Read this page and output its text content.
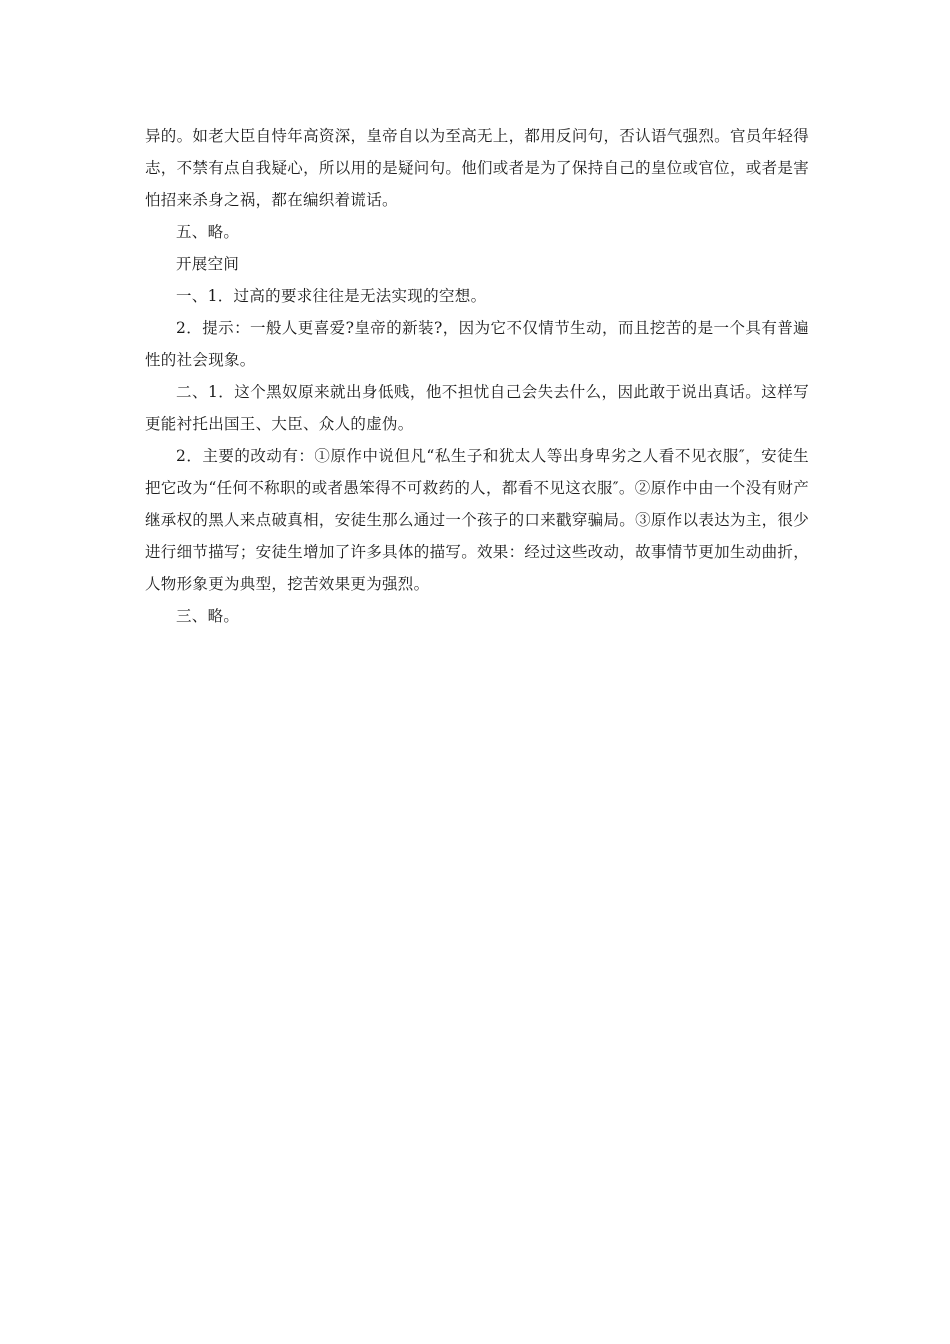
异的。如老大臣自恃年高资深，皇帝自以为至高无上，都用反问句，否认语气强烈。官员年轻得志，不禁有点自我疑心，所以用的是疑问句。他们或者是为了保持自己的皇位或官位，或者是害怕招来杀身之祸，都在编织着谎话。

五、略。

开展空间

一、1．过高的要求往往是无法实现的空想。

2．提示：一般人更喜爱?皇帝的新装?，因为它不仅情节生动，而且挖苦的是一个具有普遍性的社会现象。

二、1．这个黑奴原来就出身低贱，他不担忧自己会失去什么，因此敢于说出真话。这样写更能衬托出国王、大臣、众人的虚伪。

2．主要的改动有：①原作中说但凡“私生子和犹太人等出身卑劣之人看不见衣服″，安徒生把它改为“任何不称职的或者愚笨得不可救药的人，都看不见这衣服″。②原作中由一个没有财产继承权的黑人来点破真相，安徒生那么通过一个孩子的口来戳穿骗局。③原作以表达为主，很少进行细节描写；安徒生增加了许多具体的描写。效果：经过这些改动，故事情节更加生动曲折，人物形象更为典型，挖苦效果更为强烈。

三、略。
